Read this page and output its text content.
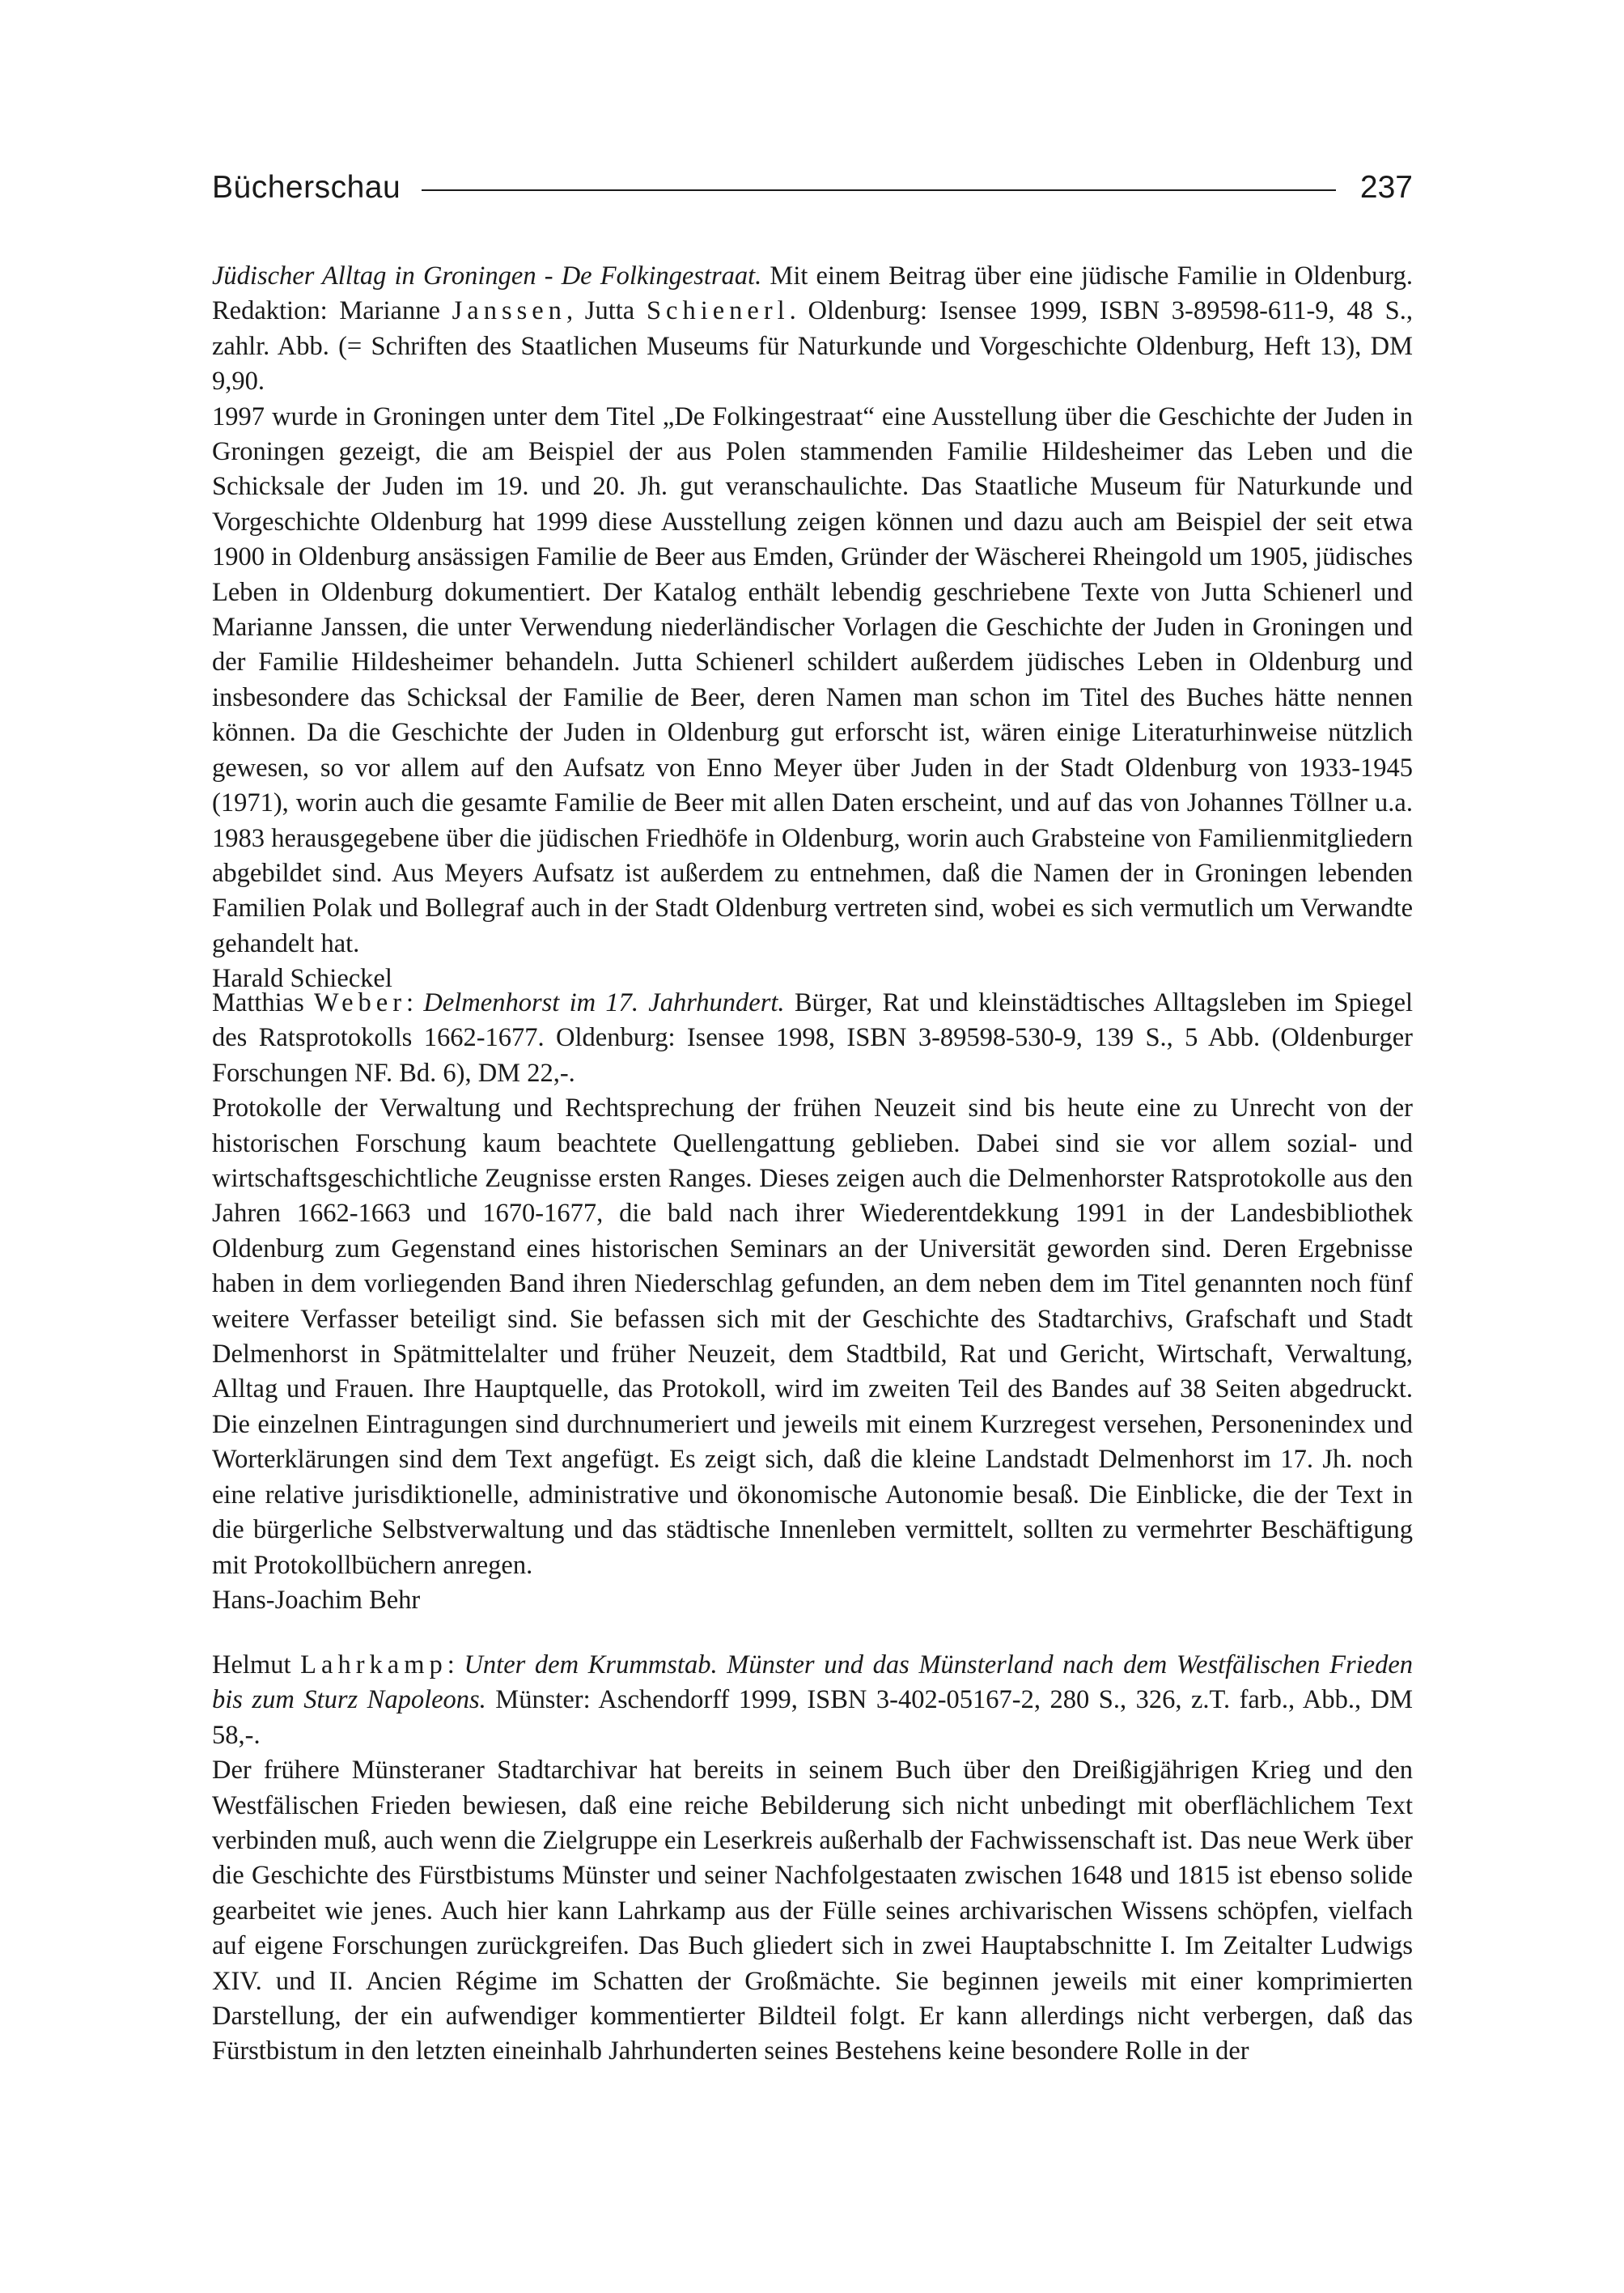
Bücherschau	237

Jüdischer Alltag in Groningen - De Folkingestraat. Mit einem Beitrag über eine jüdische Familie in Oldenburg. Redaktion: Marianne Janssen, Jutta Schienerl. Oldenburg: Isensee 1999, ISBN 3-89598-611-9, 48 S., zahlr. Abb. (= Schriften des Staatlichen Museums für Naturkunde und Vorgeschichte Oldenburg, Heft 13), DM 9,90.

1997 wurde in Groningen unter dem Titel „De Folkingestraat“ eine Ausstellung über die Geschichte der Juden in Groningen gezeigt, die am Beispiel der aus Polen stammenden Familie Hildesheimer das Leben und die Schicksale der Juden im 19. und 20. Jh. gut veranschaulichte. Das Staatliche Museum für Naturkunde und Vorgeschichte Oldenburg hat 1999 diese Ausstellung zeigen können und dazu auch am Beispiel der seit etwa 1900 in Oldenburg ansässigen Familie de Beer aus Emden, Gründer der Wäscherei Rheingold um 1905, jüdisches Leben in Oldenburg dokumentiert. Der Katalog enthält lebendig geschriebene Texte von Jutta Schienerl und Marianne Janssen, die unter Verwendung niederländischer Vorlagen die Geschichte der Juden in Groningen und der Familie Hildesheimer behandeln. Jutta Schienerl schildert außerdem jüdisches Leben in Oldenburg und insbesondere das Schicksal der Familie de Beer, deren Namen man schon im Titel des Buches hätte nennen können. Da die Geschichte der Juden in Oldenburg gut erforscht ist, wären einige Literaturhinweise nützlich gewesen, so vor allem auf den Aufsatz von Enno Meyer über Juden in der Stadt Oldenburg von 1933-1945 (1971), worin auch die gesamte Familie de Beer mit allen Daten erscheint, und auf das von Johannes Töllner u.a. 1983 herausgegebene über die jüdischen Friedhöfe in Oldenburg, worin auch Grabsteine von Familienmitgliedern abgebildet sind. Aus Meyers Aufsatz ist außerdem zu entnehmen, daß die Namen der in Groningen lebenden Familien Polak und Bollegraf auch in der Stadt Oldenburg vertreten sind, wobei es sich vermutlich um Verwandte gehandelt hat.

Harald Schieckel

Matthias Weber: Delmenhorst im 17. Jahrhundert. Bürger, Rat und kleinstädtisches Alltagsleben im Spiegel des Ratsprotokolls 1662-1677. Oldenburg: Isensee 1998, ISBN 3-89598-530-9, 139 S., 5 Abb. (Oldenburger Forschungen NF. Bd. 6), DM 22,-.

Protokolle der Verwaltung und Rechtsprechung der frühen Neuzeit sind bis heute eine zu Unrecht von der historischen Forschung kaum beachtete Quellengattung geblieben. Dabei sind sie vor allem sozial- und wirtschaftsgeschichtliche Zeugnisse ersten Ranges. Dieses zeigen auch die Delmenhorster Ratsprotokolle aus den Jahren 1662-1663 und 1670-1677, die bald nach ihrer Wiederentdekkung 1991 in der Landesbibliothek Oldenburg zum Gegenstand eines historischen Seminars an der Universität geworden sind. Deren Ergebnisse haben in dem vorliegenden Band ihren Niederschlag gefunden, an dem neben dem im Titel genannten noch fünf weitere Verfasser beteiligt sind. Sie befassen sich mit der Geschichte des Stadtarchivs, Grafschaft und Stadt Delmenhorst in Spätmittelalter und früher Neuzeit, dem Stadtbild, Rat und Gericht, Wirtschaft, Verwaltung, Alltag und Frauen. Ihre Hauptquelle, das Protokoll, wird im zweiten Teil des Bandes auf 38 Seiten abgedruckt. Die einzelnen Eintragungen sind durchnumeriert und jeweils mit einem Kurzregest versehen, Personenindex und Worterklärungen sind dem Text angefügt. Es zeigt sich, daß die kleine Landstadt Delmenhorst im 17. Jh. noch eine relative jurisdiktionelle, administrative und ökonomische Autonomie besaß. Die Einblicke, die der Text in die bürgerliche Selbstverwaltung und das städtische Innenleben vermittelt, sollten zu vermehrter Beschäftigung mit Protokollbüchern anregen.

Hans-Joachim Behr

Helmut Lahrkamp: Unter dem Krummstab. Münster und das Münsterland nach dem Westfälischen Frieden bis zum Sturz Napoleons. Münster: Aschendorff 1999, ISBN 3-402-05167-2, 280 S., 326, z.T. farb., Abb., DM 58,-.

Der frühere Münsteraner Stadtarchivar hat bereits in seinem Buch über den Dreißigjährigen Krieg und den Westfälischen Frieden bewiesen, daß eine reiche Bebilderung sich nicht unbedingt mit oberflächlichem Text verbinden muß, auch wenn die Zielgruppe ein Leserkreis außerhalb der Fachwissenschaft ist. Das neue Werk über die Geschichte des Fürstbistums Münster und seiner Nachfolgestaaten zwischen 1648 und 1815 ist ebenso solide gearbeitet wie jenes. Auch hier kann Lahrkamp aus der Fülle seines archivarischen Wissens schöpfen, vielfach auf eigene Forschungen zurückgreifen. Das Buch gliedert sich in zwei Hauptabschnitte I. Im Zeitalter Ludwigs XIV. und II. Ancien Régime im Schatten der Großmächte. Sie beginnen jeweils mit einer komprimierten Darstellung, der ein aufwendiger kommentierter Bildteil folgt. Er kann allerdings nicht verbergen, daß das Fürstbistum in den letzten eineinhalb Jahrhunderten seines Bestehens keine besondere Rolle in der
